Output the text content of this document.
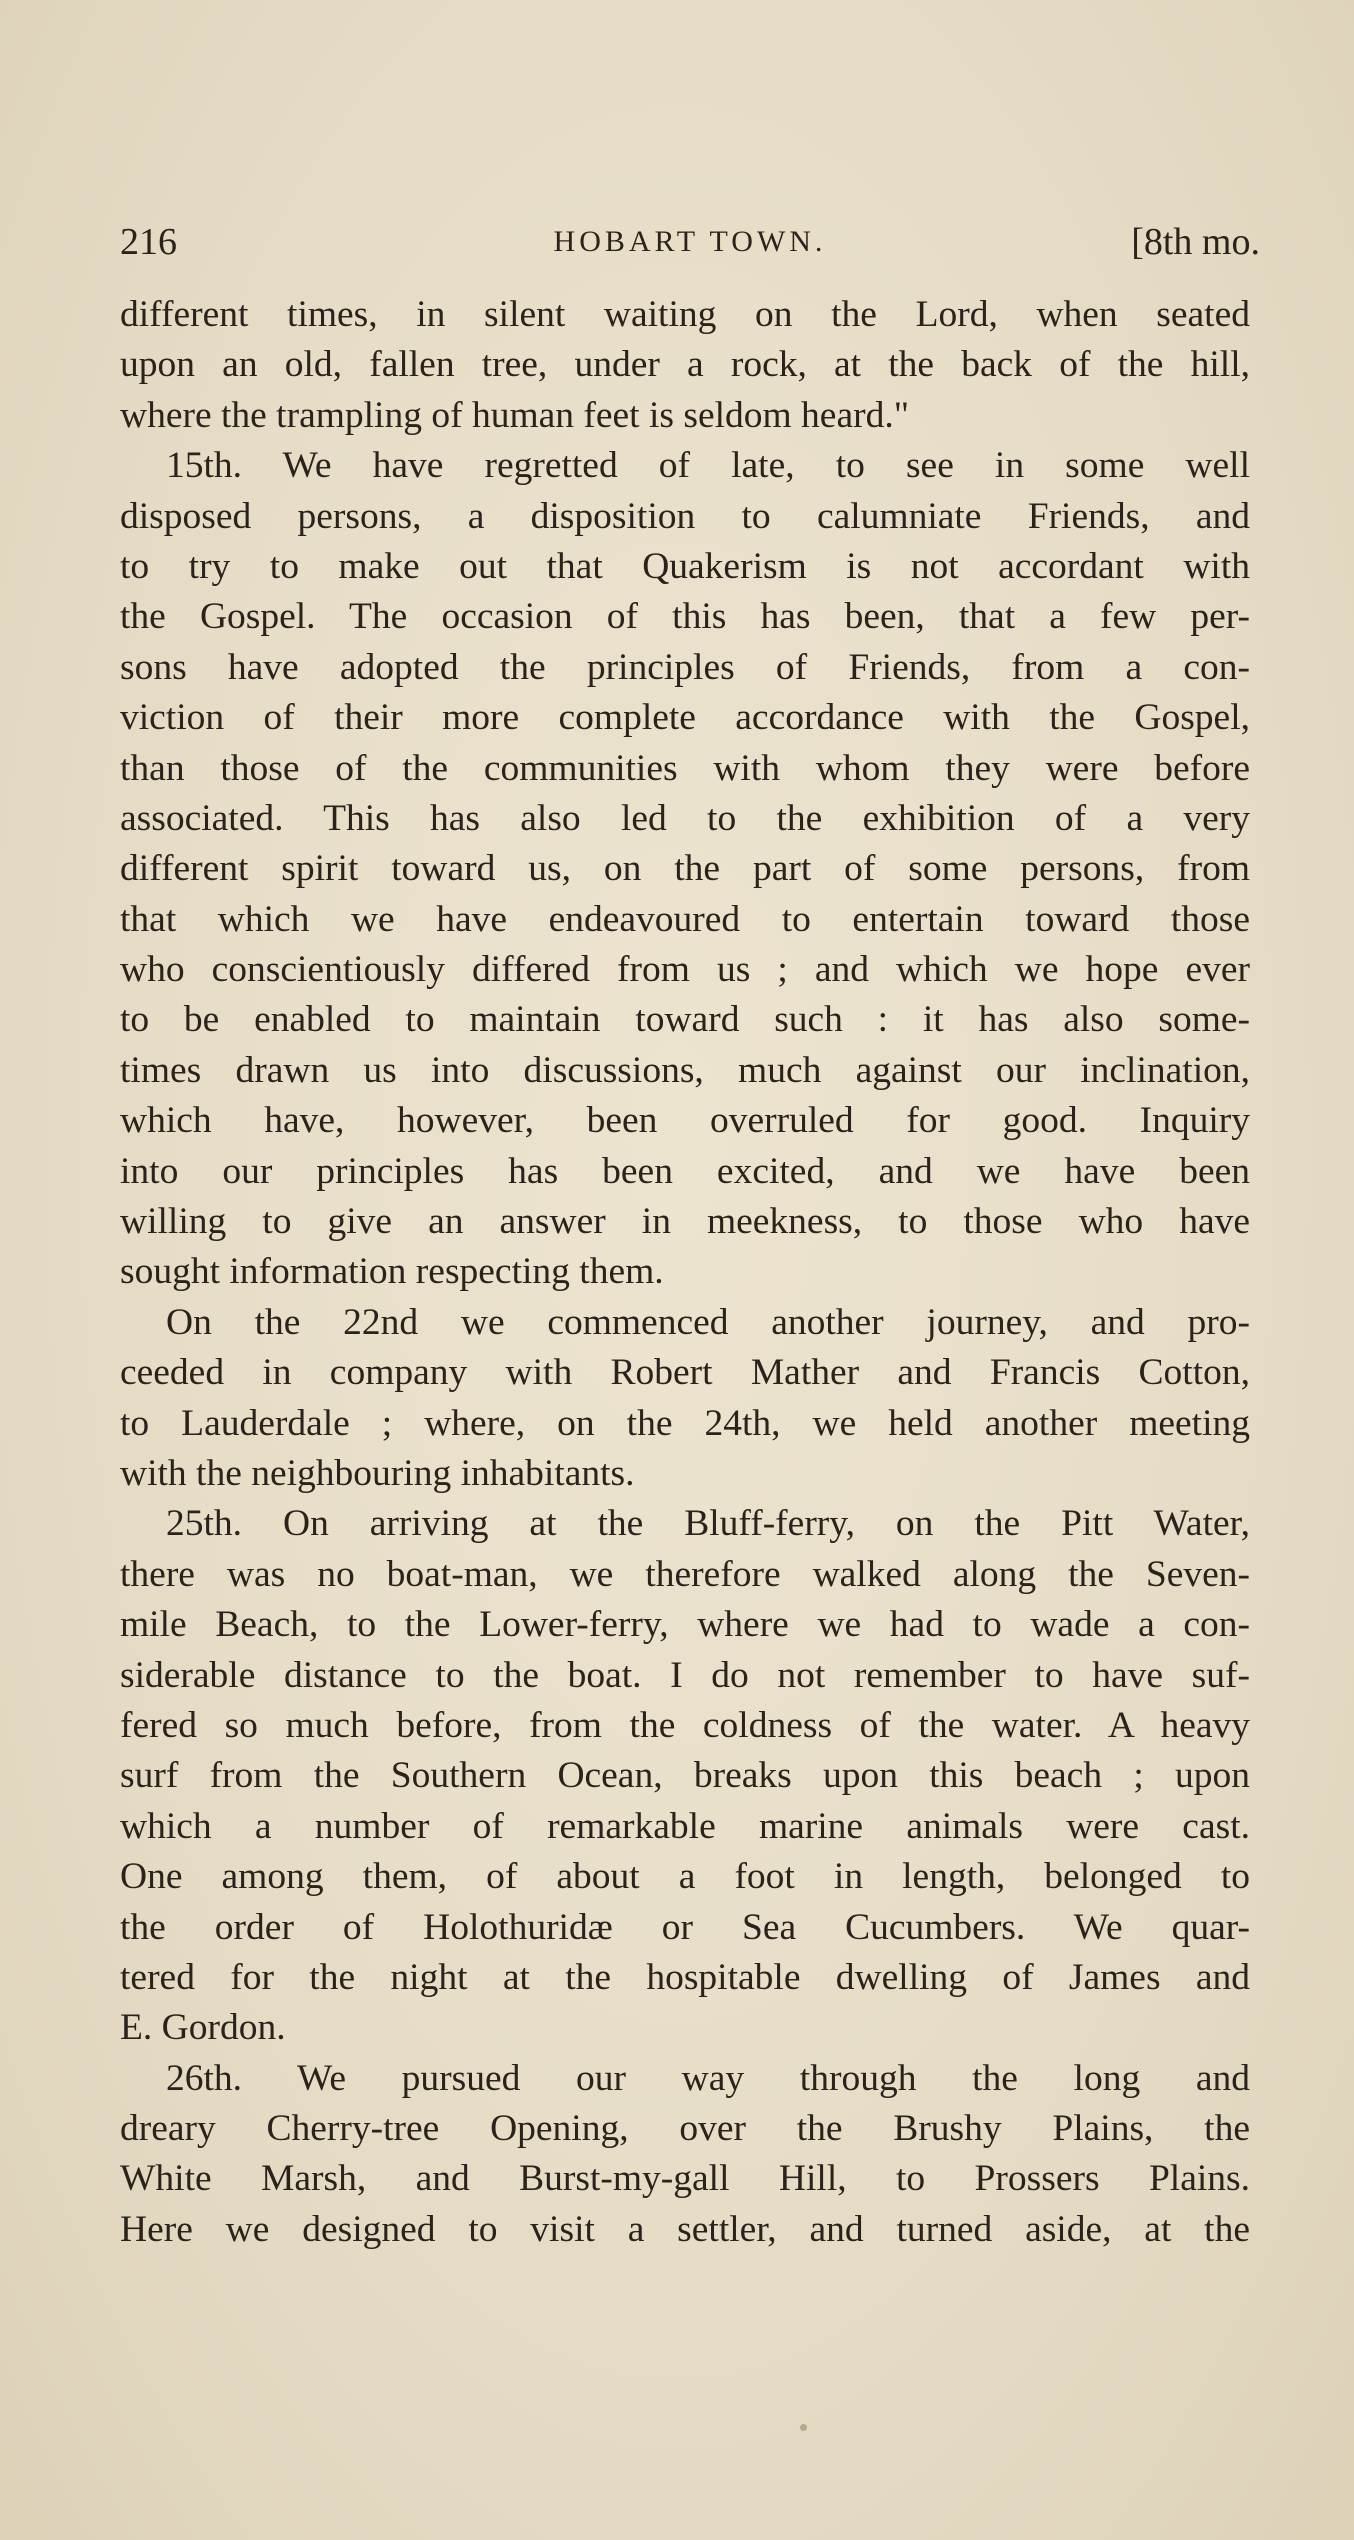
216	HOBART TOWN.	[8th mo.
different times, in silent waiting on the Lord, when seated
upon an old, fallen tree, under a rock, at the back of the hill,
where the trampling of human feet is seldom heard."
15th. We have regretted of late, to see in some well
disposed persons, a disposition to calumniate Friends, and
to try to make out that Quakerism is not accordant with
the Gospel. The occasion of this has been, that a few per-
sons have adopted the principles of Friends, from a con-
viction of their more complete accordance with the Gospel,
than those of the communities with whom they were before
associated. This has also led to the exhibition of a very
different spirit toward us, on the part of some persons, from
that which we have endeavoured to entertain toward those
who conscientiously differed from us ; and which we hope ever
to be enabled to maintain toward such : it has also some-
times drawn us into discussions, much against our inclination,
which have, however, been overruled for good. Inquiry
into our principles has been excited, and we have been
willing to give an answer in meekness, to those who have
sought information respecting them.
On the 22nd we commenced another journey, and pro-
ceeded in company with Robert Mather and Francis Cotton,
to Lauderdale ; where, on the 24th, we held another meeting
with the neighbouring inhabitants.
25th. On arriving at the Bluff-ferry, on the Pitt Water,
there was no boat-man, we therefore walked along the Seven-
mile Beach, to the Lower-ferry, where we had to wade a con-
siderable distance to the boat. I do not remember to have suf-
fered so much before, from the coldness of the water. A heavy
surf from the Southern Ocean, breaks upon this beach ; upon
which a number of remarkable marine animals were cast.
One among them, of about a foot in length, belonged to
the order of Holothuridæ or Sea Cucumbers. We quar-
tered for the night at the hospitable dwelling of James and
E. Gordon.
26th. We pursued our way through the long and
dreary Cherry-tree Opening, over the Brushy Plains, the
White Marsh, and Burst-my-gall Hill, to Prossers Plains.
Here we designed to visit a settler, and turned aside, at the
